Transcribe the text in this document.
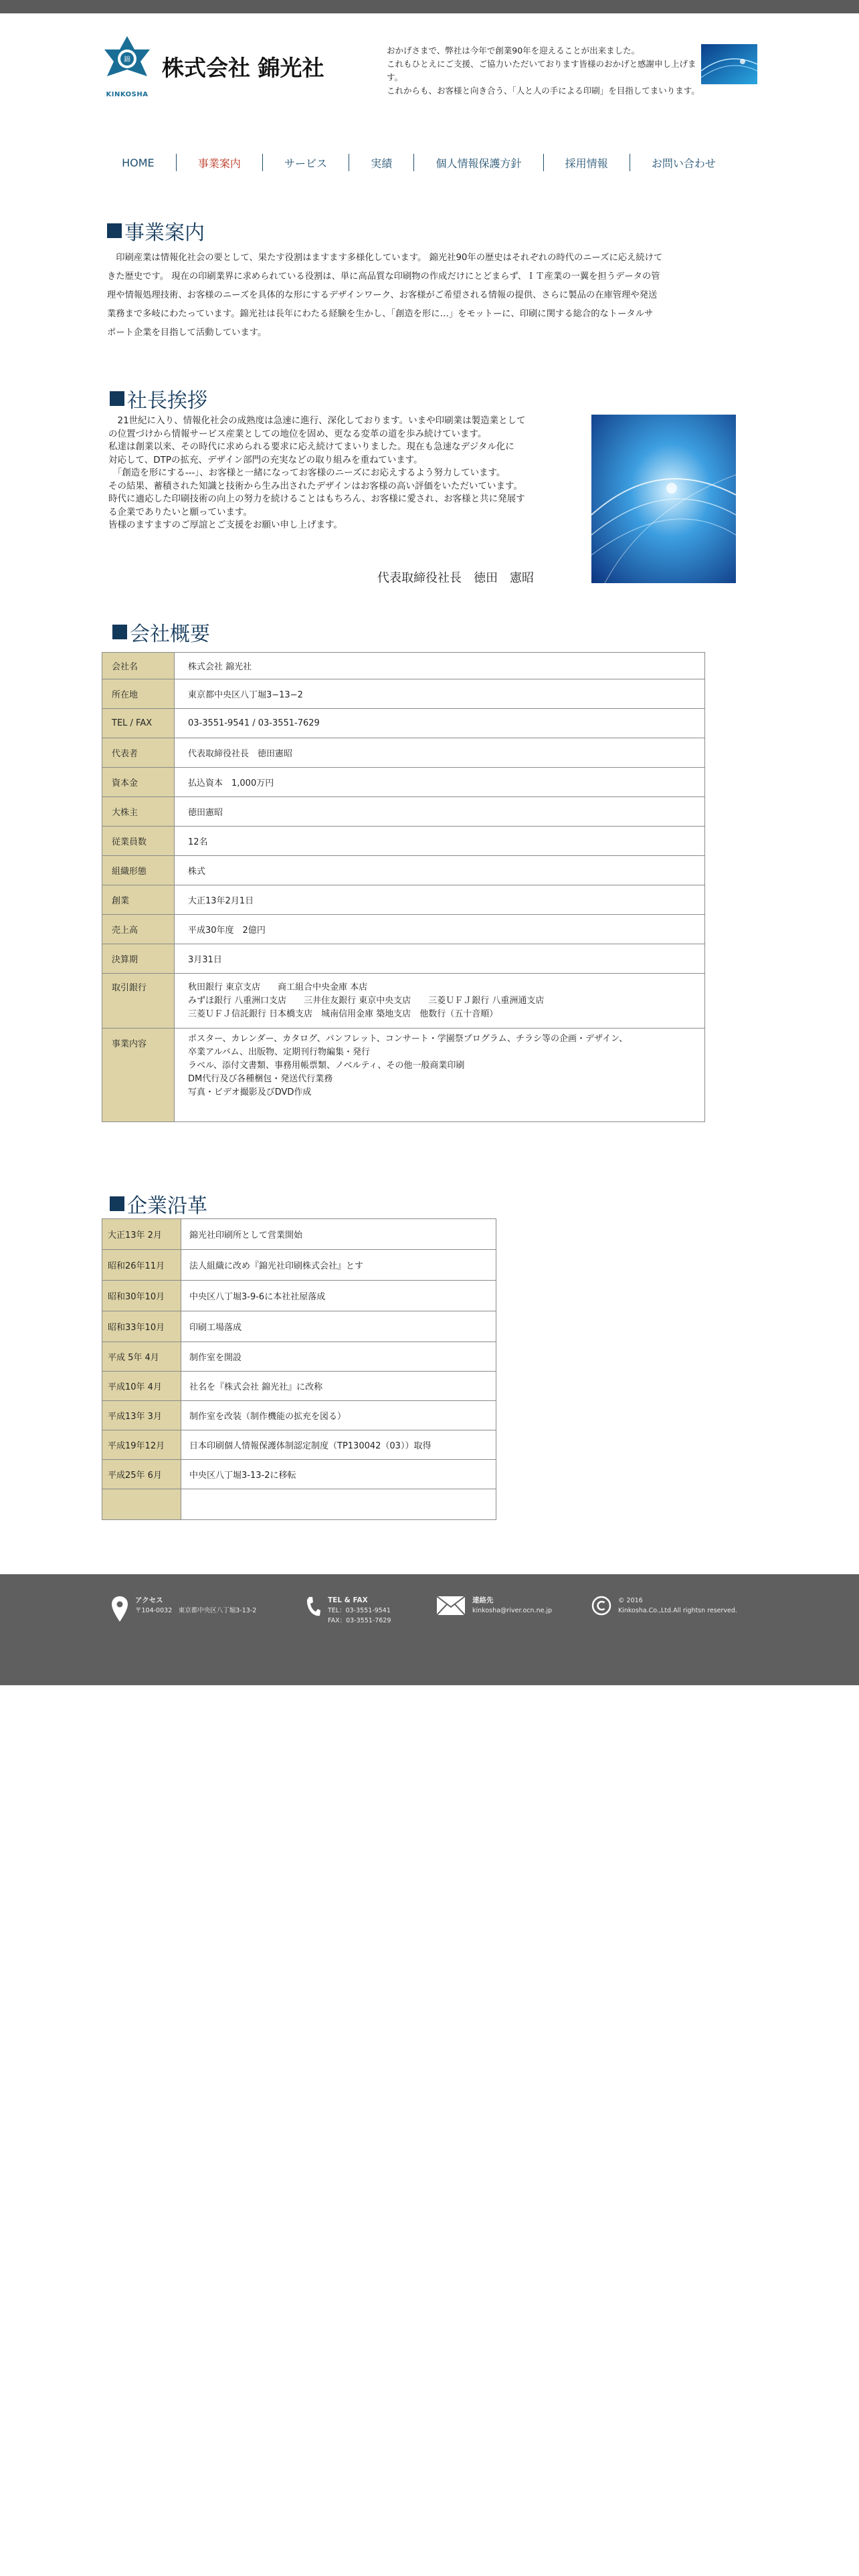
錦
KINKOSHA
株式会社 錦光社
おかげさまで、弊社は今年で創業90年を迎えることが出来ました。
これもひとえにご支援、ご協力いただいております皆様のおかげと感謝申し上げます。
これからも、お客様と向き合う、「人と人の手による印刷」を目指してまいります。
HOME	事業案内	サービス	実績	個人情報保護方針	採用情報	お問い合わせ
事業案内

　印刷産業は情報化社会の要として、果たす役割はますます多様化しています。 錦光社90年の歴史はそれぞれの時代のニーズに応え続けて

きた歴史です。 現在の印刷業界に求められている役割は、単に高品質な印刷物の作成だけにとどまらず、ＩＴ産業の一翼を担うデータの管

理や情報処理技術、お客様のニーズを具体的な形にするデザインワーク、お客様がご希望される情報の提供、さらに製品の在庫管理や発送

業務まで多岐にわたっています。錦光社は長年にわたる経験を生かし、「創造を形に…」をモットーに、印刷に関する総合的なトータルサ

ポート企業を目指して活動しています。

社長挨拶

　21世紀に入り、情報化社会の成熟度は急速に進行、深化しております。いまや印刷業は製造業として

の位置づけから情報サービス産業としての地位を固め、更なる変革の道を歩み続けています。

私達は創業以来、その時代に求められる要求に応え続けてまいりました。現在も急速なデジタル化に

対応して、DTPの拡充、デザイン部門の充実などの取り組みを重ねています。

　「創造を形にする---」、お客様と一緒になってお客様のニーズにお応えするよう努力しています。

その結果、蓄積された知識と技術から生み出されたデザインはお客様の高い評価をいただいています。

時代に適応した印刷技術の向上の努力を続けることはもちろん、お客様に愛され、お客様と共に発展す

る企業でありたいと願っています。

皆様のますますのご厚誼とご支援をお願い申し上げます。

代表取締役社長　徳田　憲昭
会社概要
会社名	株式会社 錦光社
所在地	東京都中央区八丁堀3−13−2
TEL / FAX	03-3551-9541 / 03-3551-7629
代表者	代表取締役社長　徳田憲昭
資本金	払込資本　1,000万円
大株主	徳田憲昭
従業員数	12名
組織形態	株式
創業	大正13年2月1日
売上高	平成30年度　2億円
決算期	3月31日
取引銀行	秋田銀行 東京支店　　商工組合中央金庫 本店
みずほ銀行 八重洲口支店　　三井住友銀行 東京中央支店　　三菱ＵＦＪ銀行 八重洲通支店
三菱ＵＦＪ信託銀行 日本橋支店　城南信用金庫 築地支店　他数行（五十音順）

事業内容	ポスター、カレンダー、カタログ、パンフレット、コンサート・学園祭プログラム、チラシ等の企画・デザイン、
卒業アルバム、出版物、定期刊行物編集・発行
ラベル、添付文書類、事務用帳票類、ノベルティ、その他一般商業印刷
DM代行及び各種梱包・発送代行業務
写真・ビデオ撮影及びDVD作成
企業沿革
大正13年 2月	錦光社印刷所として営業開始
昭和26年11月	法人組織に改め『錦光社印刷株式会社』とす
昭和30年10月	中央区八丁堀3-9-6に本社社屋落成
昭和33年10月	印刷工場落成
平成 5年 4月	制作室を開設
平成10年 4月	社名を『株式会社 錦光社』に改称
平成13年 3月	制作室を改装（制作機能の拡充を図る）
平成19年12月	日本印刷個人情報保護体制認定制度（TP130042（03））取得
平成25年 6月	中央区八丁堀3-13-2に移転

アクセス
〒104-0032　東京都中央区八丁堀3-13-2
TEL & FAX
TEL：03-3551-9541
FAX：03-3551-7629
連絡先
kinkosha@river.ocn.ne.jp
© 2016
Kinkosha.Co.,Ltd.All rightsn reserved.
